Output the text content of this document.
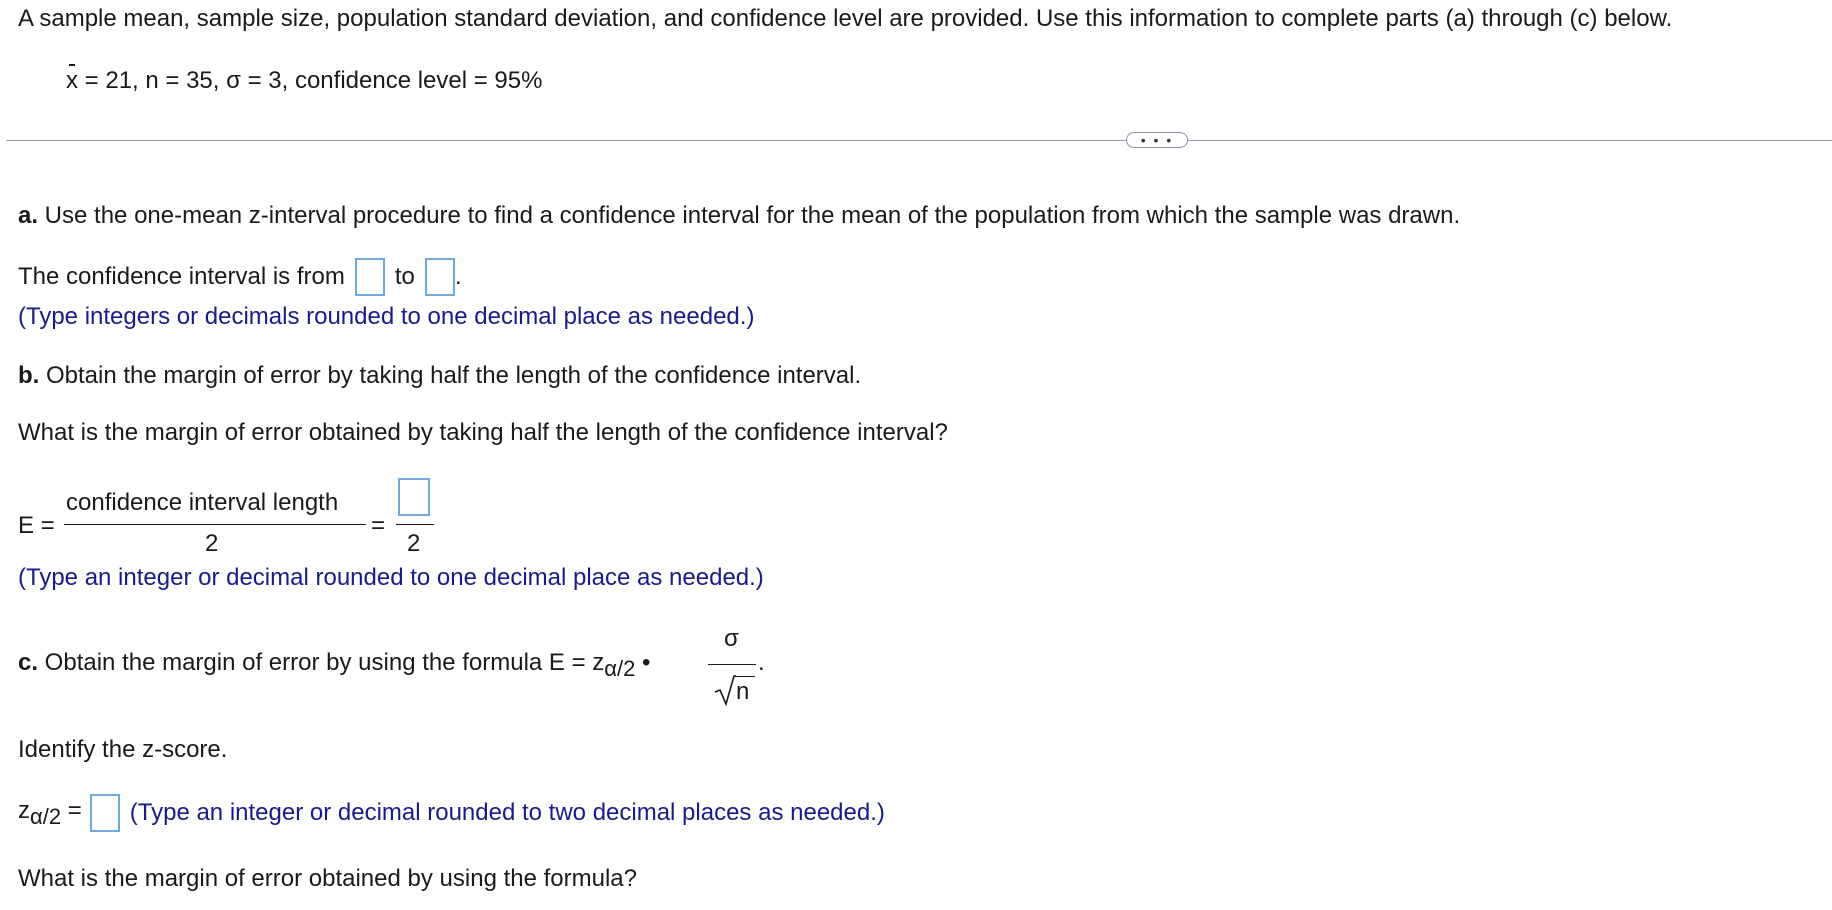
A sample mean, sample size, population standard deviation, and confidence level are provided. Use this information to complete parts (a) through (c) below.
x = 21, n = 35, σ = 3, confidence level = 95%
• • •
a. Use the one-mean z-interval procedure to find a confidence interval for the mean of the population from which the sample was drawn.
The confidence interval is from to .
(Type integers or decimals rounded to one decimal place as needed.)
b. Obtain the margin of error by taking half the length of the confidence interval.
What is the margin of error obtained by taking half the length of the confidence interval?
E =
confidence interval length
2
=
2
(Type an integer or decimal rounded to one decimal place as needed.)
c. Obtain the margin of error by using the formula E = zα/2 •
σ
n
.
Identify the z-score.
zα/2 = (Type an integer or decimal rounded to two decimal places as needed.)
What is the margin of error obtained by using the formula?
